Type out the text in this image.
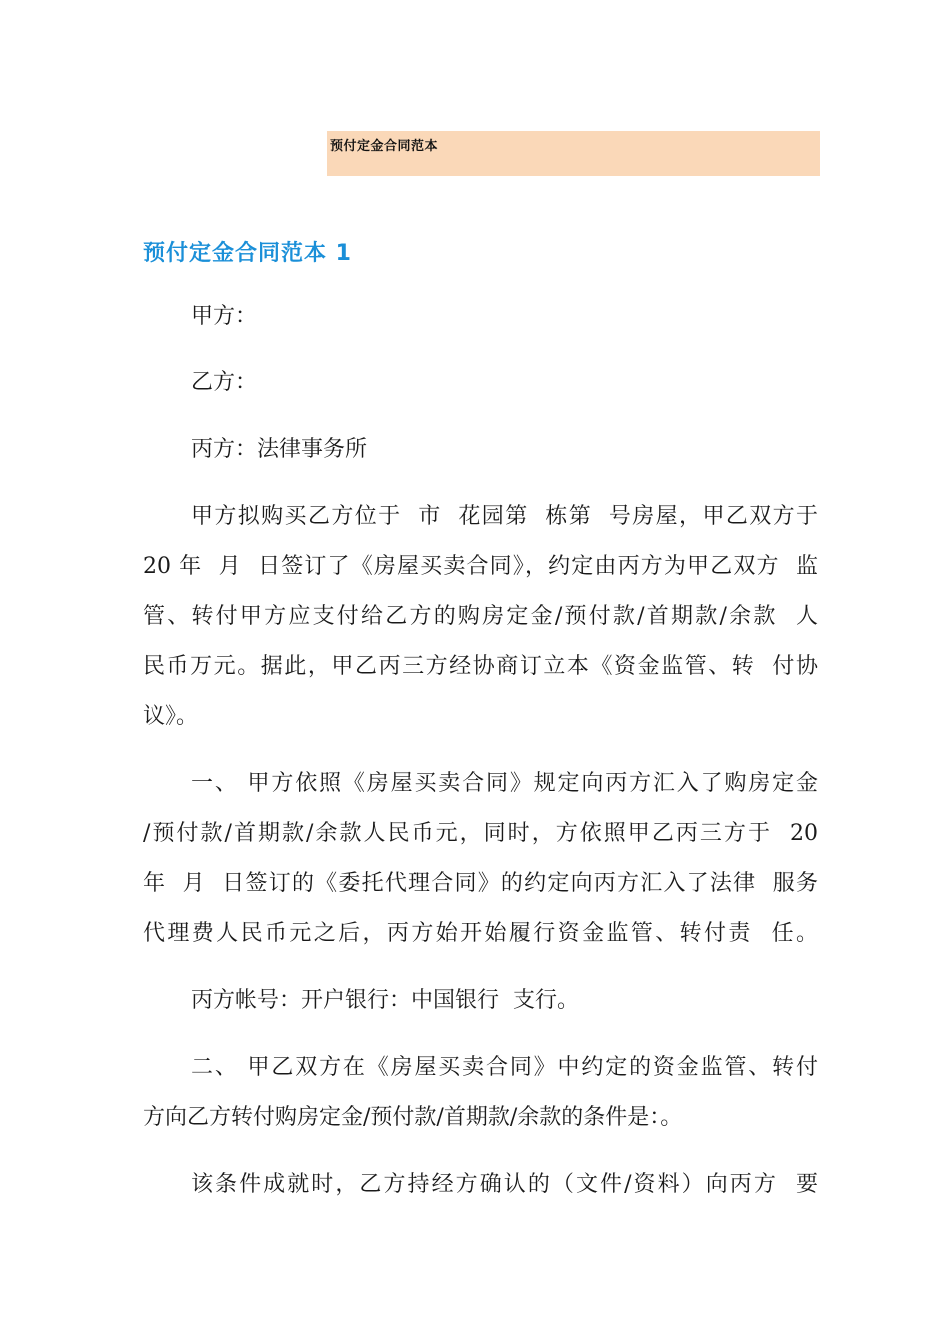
预付定金合同范本
预付定金合同范本 1
甲方：
乙方：
丙方：法律事务所
甲方拟购买乙方位于  市  花园第  栋第  号房屋，甲乙双方于
20 年  月  日签订了《房屋买卖合同》，约定由丙方为甲乙双方  监
管、转付甲方应支付给乙方的购房定金/预付款/首期款/余款  人
民币万元。据此，甲乙丙三方经协商订立本《资金监管、转  付协
议》。
一、 甲方依照《房屋买卖合同》规定向丙方汇入了购房定金
/预付款/首期款/余款人民币元，同时，方依照甲乙丙三方于  20
年  月  日签订的《委托代理合同》的约定向丙方汇入了法律  服务
代理费人民币元之后，丙方始开始履行资金监管、转付责  任。
丙方帐号：开户银行：中国银行  支行。
二、 甲乙双方在《房屋买卖合同》中约定的资金监管、转付
方向乙方转付购房定金/预付款/首期款/余款的条件是：。
该条件成就时，乙方持经方确认的（文件/资料）向丙方  要
